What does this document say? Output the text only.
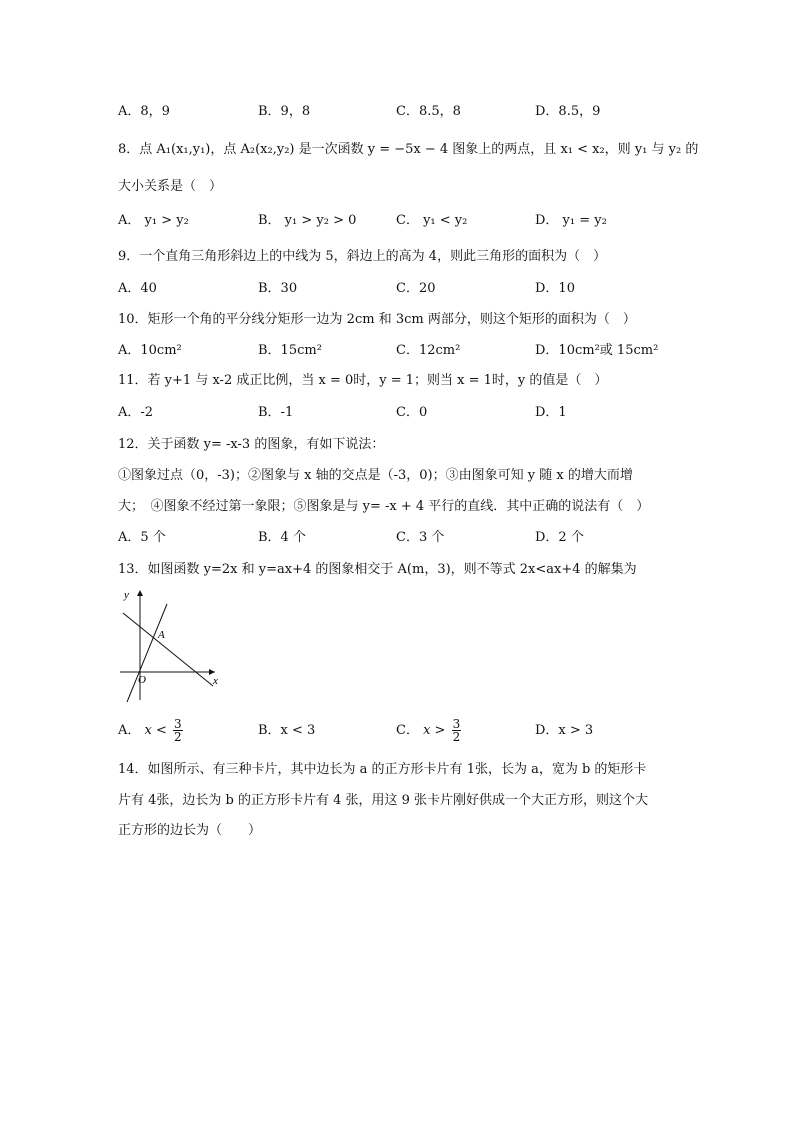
A．8，9	B．9，8	C．8.5，8	D．8.5，9
8．点 A₁(x₁,y₁)，点 A₂(x₂,y₂) 是一次函数 y = −5x − 4 图象上的两点，且 x₁ < x₂，则 y₁ 与 y₂ 的
大小关系是（　）
A． y₁ > y₂	B． y₁ > y₂ > 0	C． y₁ < y₂	D． y₁ = y₂
9．一个直角三角形斜边上的中线为 5，斜边上的高为 4，则此三角形的面积为（　）
A．40	B．30	C．20	D．10
10．矩形一个角的平分线分矩形一边为 2cm 和 3cm 两部分，则这个矩形的面积为（　）
A．10cm²	B．15cm²	C．12cm²	D．10cm²或 15cm²
11．若 y+1 与 x-2 成正比例，当 x = 0时，y = 1；则当 x = 1时，y 的值是（　）
A．-2	B．-1	C．0	D．1
12．关于函数 y= -x-3 的图象，有如下说法：
①图象过点（0，-3)；②图象与 x 轴的交点是（-3，0)；③由图象可知 y 随 x 的增大而增
大；　④图象不经过第一象限；⑤图象是与 y= -x + 4 平行的直线．其中正确的说法有（　）
A．5 个	B．4 个	C．3 个	D．2 个
13．如图函数 y=2x 和 y=ax+4 的图象相交于 A(m，3)，则不等式 2x<ax+4 的解集为
y
x
O
A
A． $x < \frac{3}{2}$	B．x < 3	C． $x > \frac{3}{2}$	D．x > 3
14．如图所示、有三种卡片，其中边长为 a 的正方形卡片有 1张，长为 a，宽为 b 的矩形卡
片有 4张，边长为 b 的正方形卡片有 4 张，用这 9 张卡片刚好供成一个大正方形，则这个大
正方形的边长为（　　）
